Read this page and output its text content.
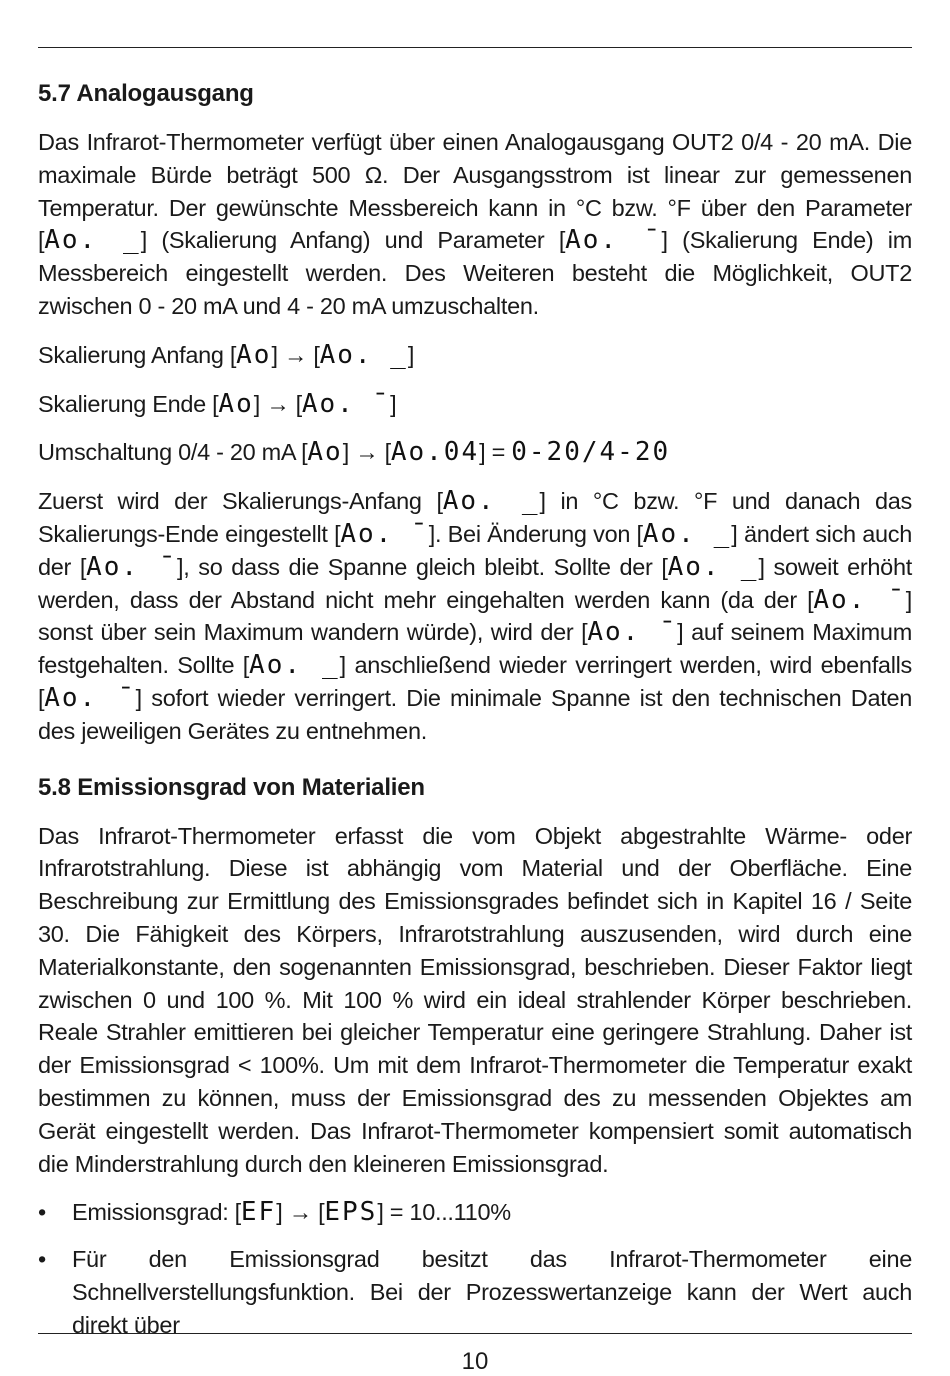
5.7 Analogausgang

Das Infrarot-Thermometer verfügt über einen Analogausgang OUT2 0/4 - 20 mA. Die maximale Bürde beträgt 500 Ω. Der Ausgangsstrom ist linear zur gemessenen Temperatur. Der gewünschte Messbereich kann in °C bzw. °F über den Parameter [Ao. _] (Skalierung Anfang) und Parameter [Ao. ¯] (Skalierung Ende) im Messbereich eingestellt werden. Des Weiteren besteht die Möglichkeit, OUT2 zwischen 0 - 20 mA und 4 - 20 mA umzuschalten.

Skalierung Anfang [Ao] → [Ao. _]
Skalierung Ende [Ao] → [Ao. ¯]
Umschaltung 0/4 - 20 mA [Ao] → [Ao.04] = 0-20/4-20

Zuerst wird der Skalierungs-Anfang [Ao. _] in °C bzw. °F und danach das Skalierungs-Ende eingestellt [Ao. ¯]. Bei Änderung von [Ao. _] ändert sich auch der [Ao. ¯], so dass die Spanne gleich bleibt. Sollte der [Ao. _] soweit erhöht werden, dass der Abstand nicht mehr eingehalten werden kann (da der [Ao. ¯] sonst über sein Maximum wandern würde), wird der [Ao. ¯] auf seinem Maximum festgehalten. Sollte [Ao. _] anschließend wieder verringert werden, wird ebenfalls [Ao. ¯] sofort wieder verringert. Die minimale Spanne ist den technischen Daten des jeweiligen Gerätes zu entnehmen.

5.8 Emissionsgrad von Materialien

Das Infrarot-Thermometer erfasst die vom Objekt abgestrahlte Wärme- oder Infrarotstrahlung. Diese ist abhängig vom Material und der Oberfläche. Eine Beschreibung zur Ermittlung des Emissionsgrades befindet sich in Kapitel 16 / Seite 30. Die Fähigkeit des Körpers, Infrarotstrahlung auszusenden, wird durch eine Materialkonstante, den sogenannten Emissionsgrad, beschrieben. Dieser Faktor liegt zwischen 0 und 100 %. Mit 100 % wird ein ideal strahlender Körper beschrieben. Reale Strahler emittieren bei gleicher Temperatur eine geringere Strahlung. Daher ist der Emissionsgrad < 100%. Um mit dem Infrarot-Thermometer die Temperatur exakt bestimmen zu können, muss der Emissionsgrad des zu messenden Objektes am Gerät eingestellt werden. Das Infrarot-Thermometer kompensiert somit automatisch die Minderstrahlung durch den kleineren Emissionsgrad.

• Emissionsgrad: [EF] → [EPS] = 10...110%
• Für den Emissionsgrad besitzt das Infrarot-Thermometer eine Schnellverstellungsfunktion. Bei der Prozesswertanzeige kann der Wert auch direkt über
10
